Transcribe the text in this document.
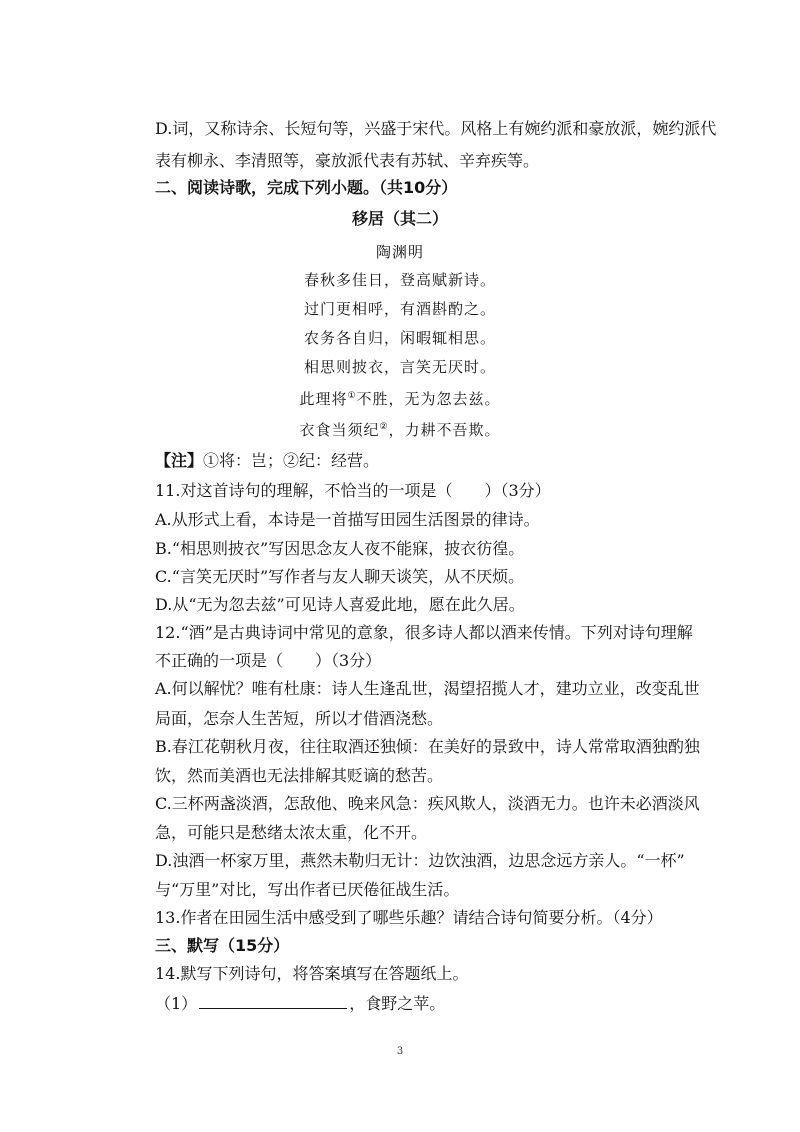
D.词，又称诗余、长短句等，兴盛于宋代。风格上有婉约派和豪放派，婉约派代
表有柳永、李清照等，豪放派代表有苏轼、辛弃疾等。
二、阅读诗歌，完成下列小题。（共10分）
移居（其二）
陶渊明
春秋多佳日，登高赋新诗。
过门更相呼，有酒斟酌之。
农务各自归，闲暇辄相思。
相思则披衣，言笑无厌时。
此理将①不胜，无为忽去兹。
衣食当须纪②，力耕不吾欺。
【注】①将：岂；②纪：经营。
11.对这首诗句的理解，不恰当的一项是（　　）（3分）
A.从形式上看，本诗是一首描写田园生活图景的律诗。
B.“相思则披衣”写因思念友人夜不能寐，披衣彷徨。
C.“言笑无厌时”写作者与友人聊天谈笑，从不厌烦。
D.从“无为忽去兹”可见诗人喜爱此地，愿在此久居。
12.“酒”是古典诗词中常见的意象，很多诗人都以酒来传情。下列对诗句理解
不正确的一项是（　　）（3分）
A.何以解忧？唯有杜康：诗人生逢乱世，渴望招揽人才，建功立业，改变乱世
局面，怎奈人生苦短，所以才借酒浇愁。
B.春江花朝秋月夜，往往取酒还独倾：在美好的景致中，诗人常常取酒独酌独
饮，然而美酒也无法排解其贬谪的愁苦。
C.三杯两盏淡酒，怎敌他、晚来风急：疾风欺人，淡酒无力。也许未必酒淡风
急，可能只是愁绪太浓太重，化不开。
D.浊酒一杯家万里，燕然未勒归无计：边饮浊酒，边思念远方亲人。“一杯”
与“万里”对比，写出作者已厌倦征战生活。
13.作者在田园生活中感受到了哪些乐趣？请结合诗句简要分析。（4分）
三、默写（15分）
14.默写下列诗句，将答案填写在答题纸上。
（1）	，食野之苹。
3
